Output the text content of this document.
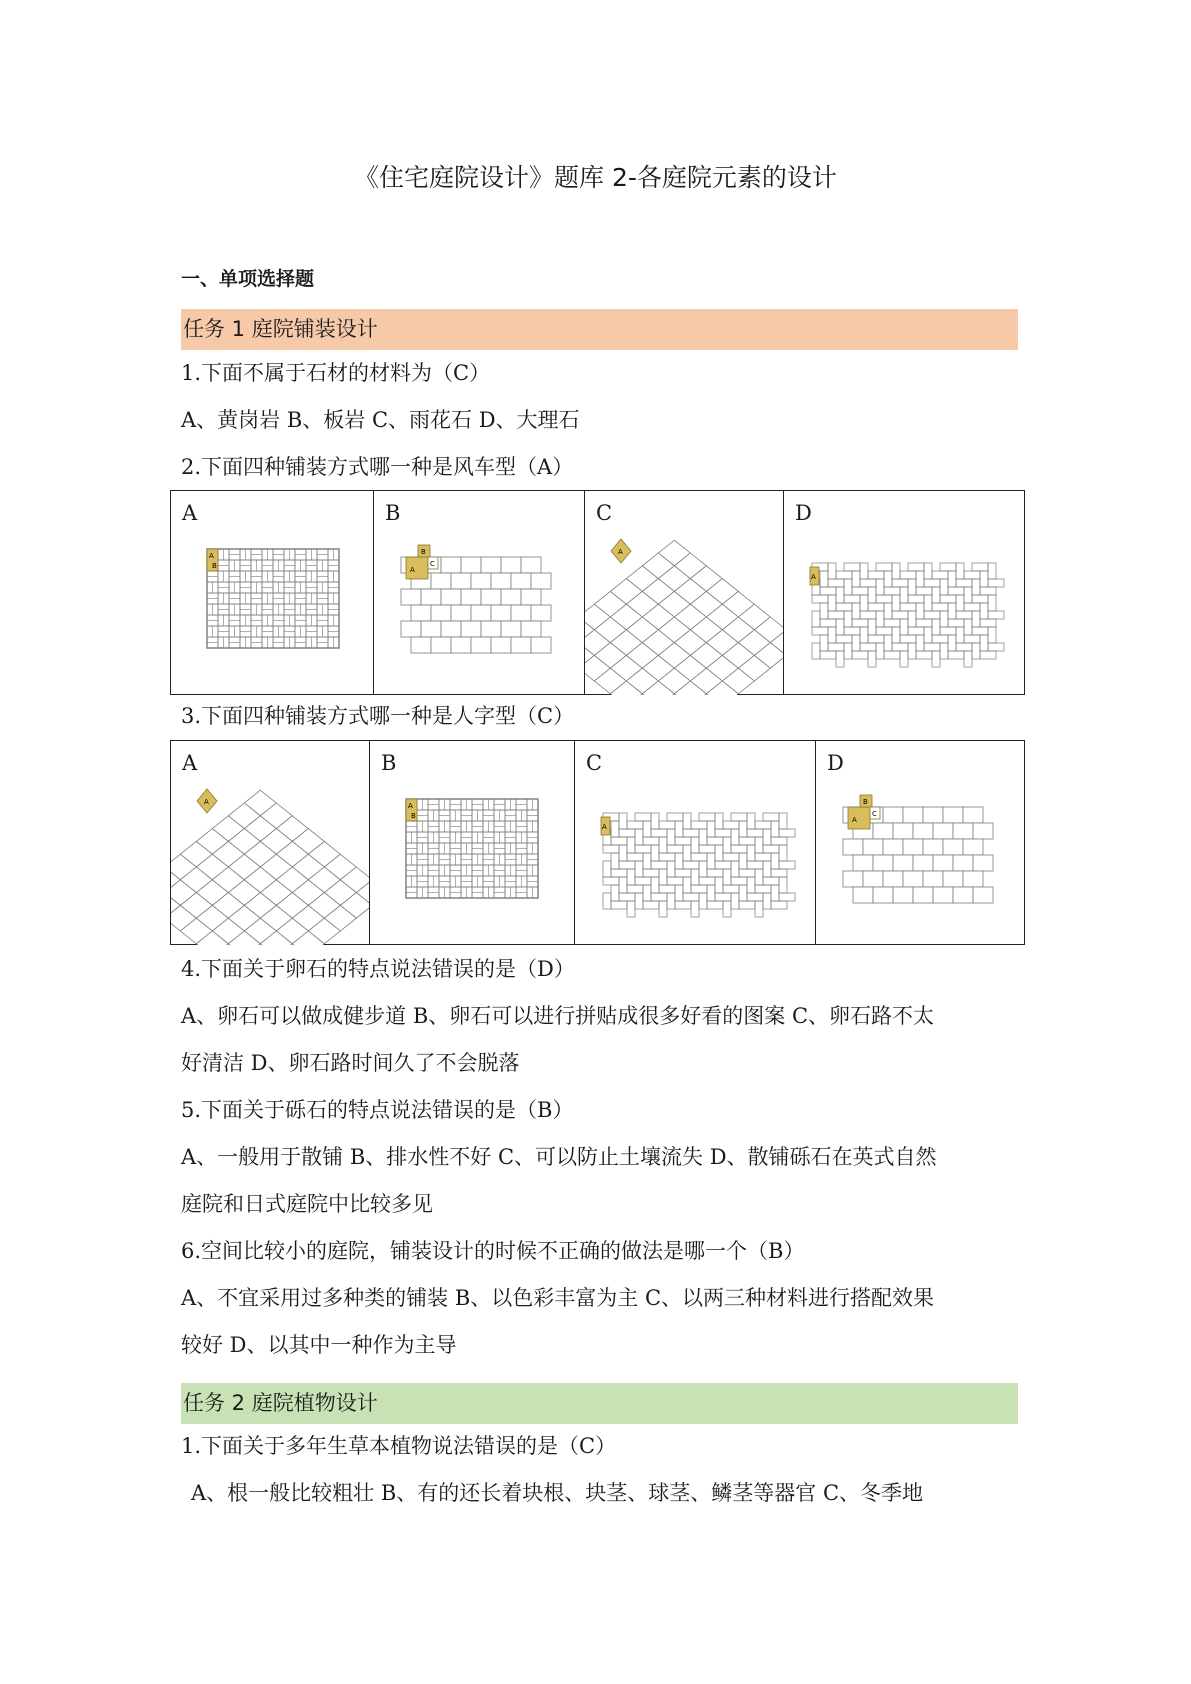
《住宅庭院设计》题库 2-各庭院元素的设计
一、单项选择题
任务 1 庭院铺装设计

1.下面不属于石材的材料为（C）

A、黄岗岩 B、板岩 C、雨花石 D、大理石

2.下面四种铺装方式哪一种是风车型（A）

A
A
B

B
A
B
C

C
A

D
A

3.下面四种铺装方式哪一种是人字型（C）

A
A

B
A
B

C
A

D
A
B
C

4.下面关于卵石的特点说法错误的是（D）

A、卵石可以做成健步道 B、卵石可以进行拼贴成很多好看的图案 C、卵石路不太

好清洁 D、卵石路时间久了不会脱落

5.下面关于砾石的特点说法错误的是（B）

A、一般用于散铺 B、排水性不好 C、可以防止土壤流失 D、散铺砾石在英式自然

庭院和日式庭院中比较多见

6.空间比较小的庭院，铺装设计的时候不正确的做法是哪一个（B）

A、不宜采用过多种类的铺装 B、以色彩丰富为主 C、以两三种材料进行搭配效果

较好 D、以其中一种作为主导

任务 2 庭院植物设计

1.下面关于多年生草本植物说法错误的是（C）

A、根一般比较粗壮 B、有的还长着块根、块茎、球茎、鳞茎等器官 C、冬季地
